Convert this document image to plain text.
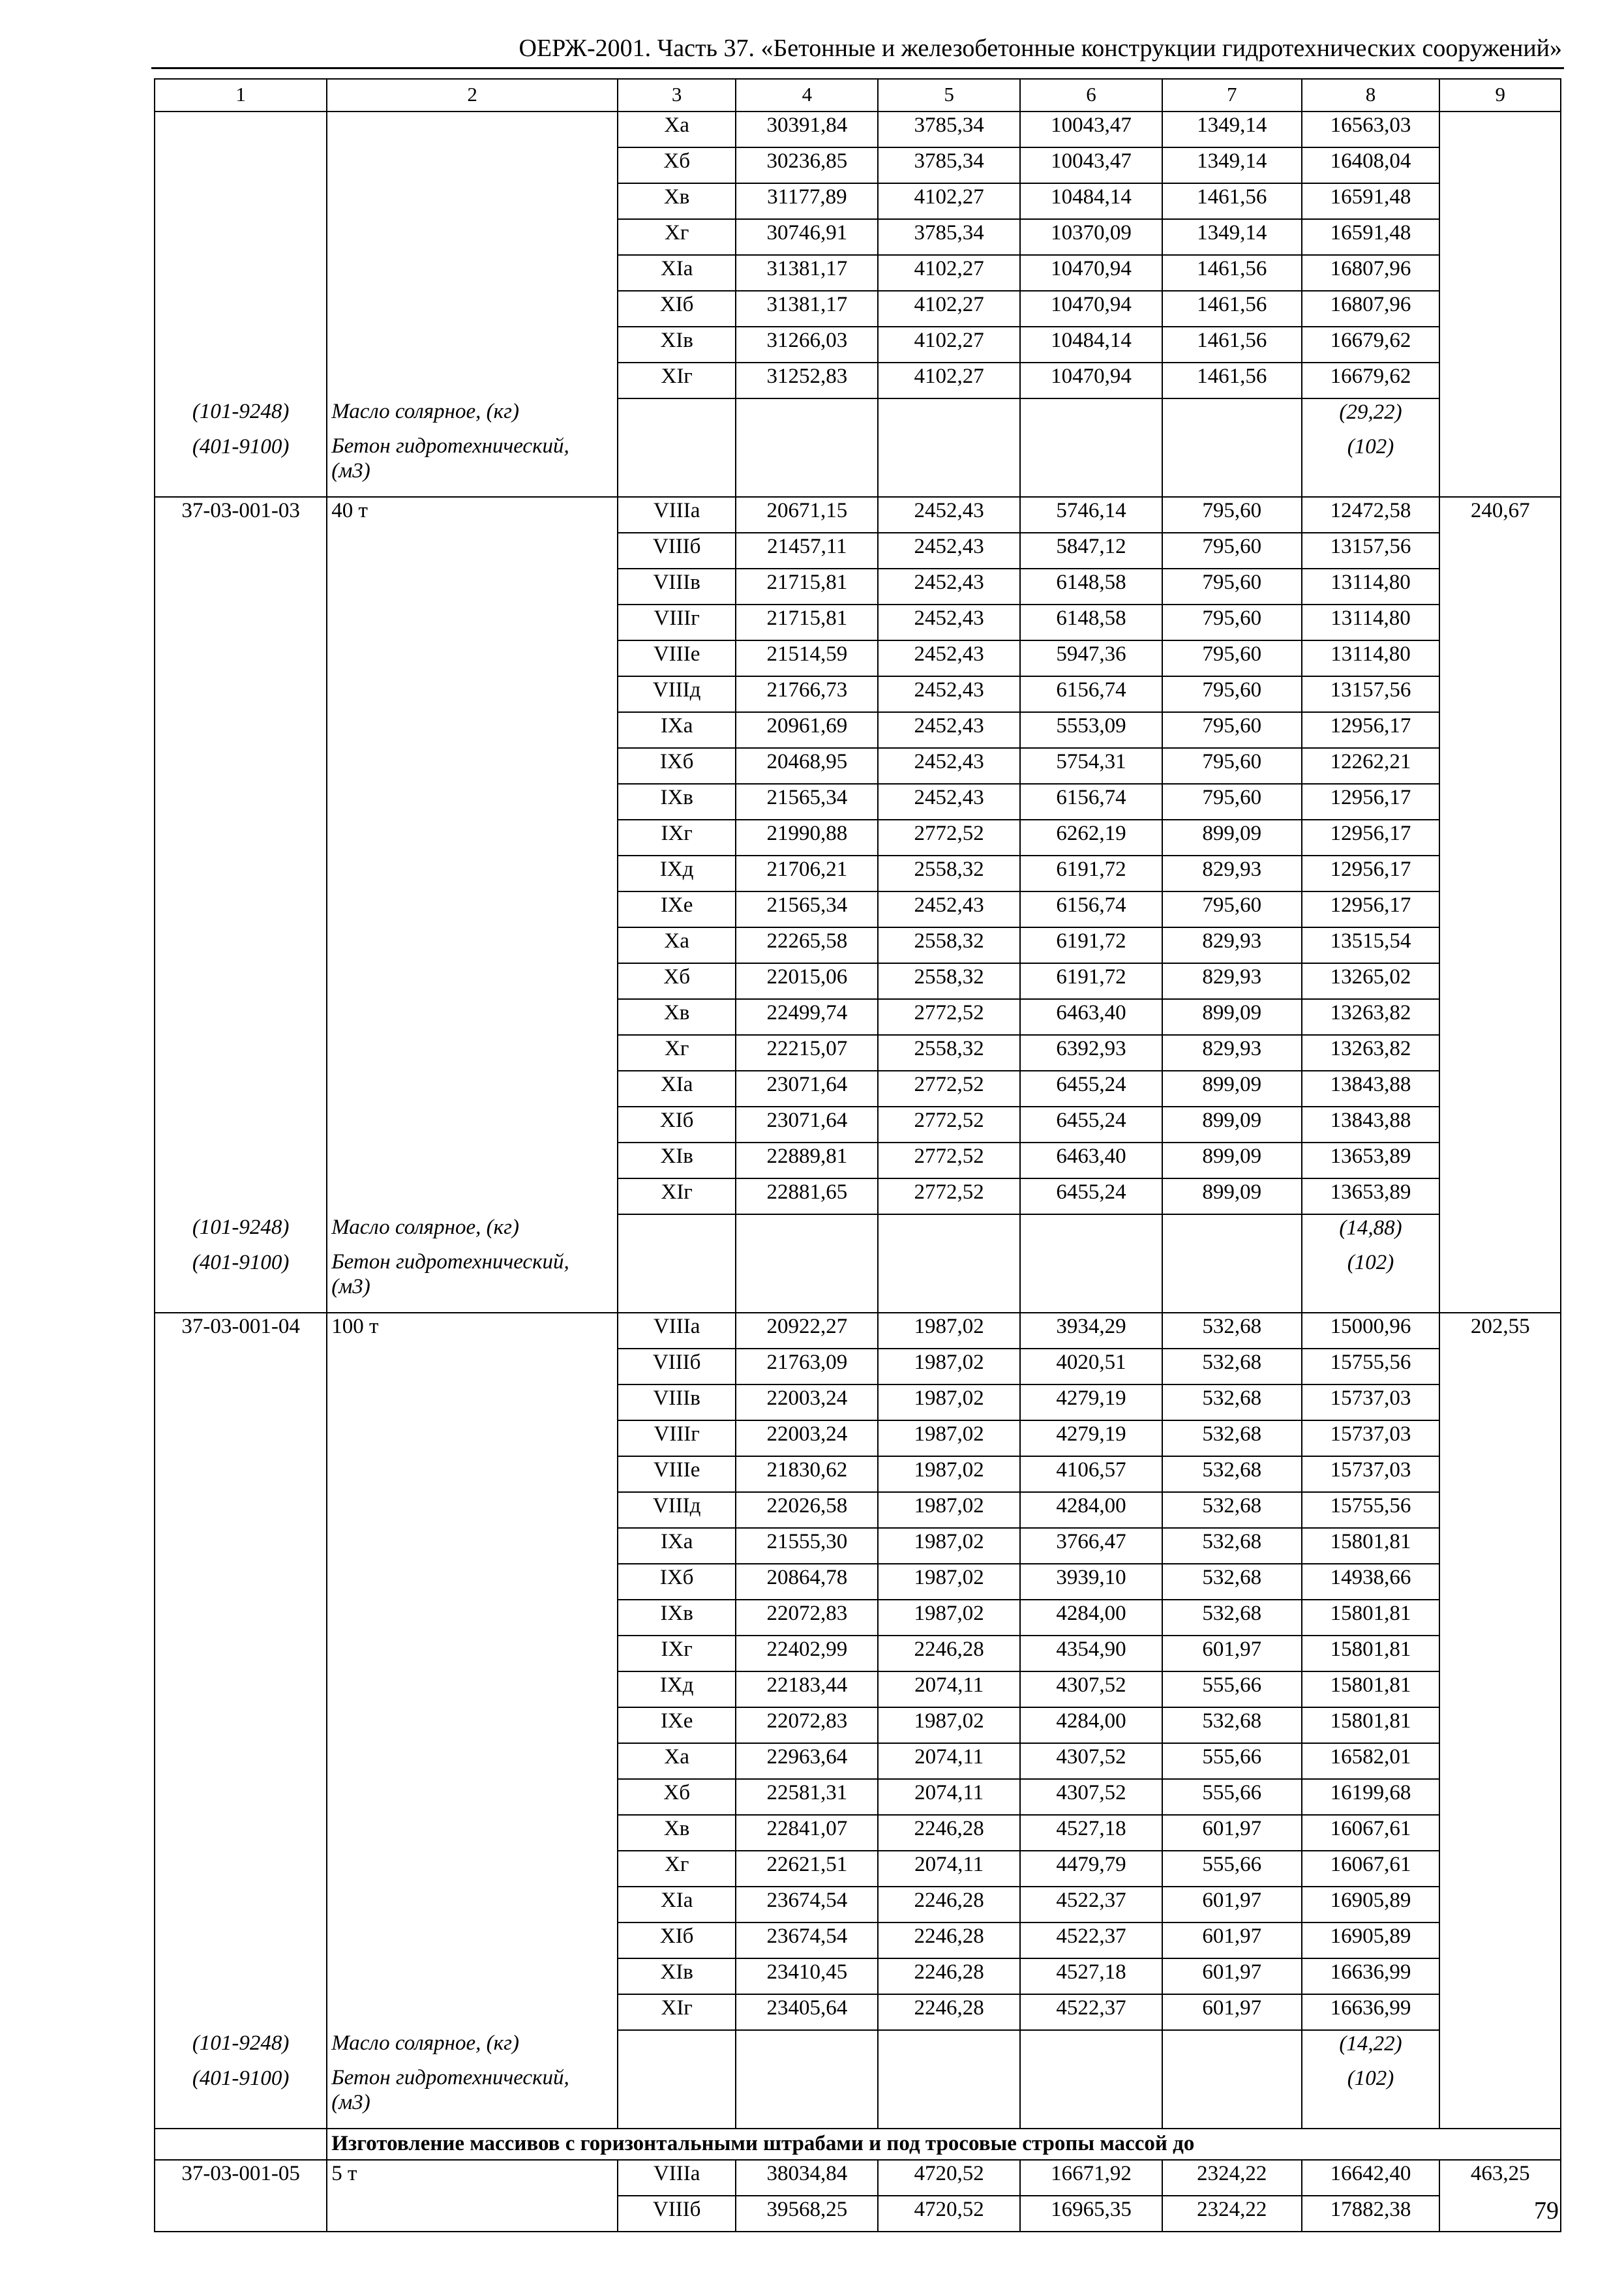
ОЕРЖ-2001. Часть 37. «Бетонные и железобетонные конструкции гидротехнических сооружений»
1	2	3	4	5	6	7	8	9
		Xа	30391,84	3785,34	10043,47	1349,14	16563,03	
		Xб	30236,85	3785,34	10043,47	1349,14	16408,04	
		Xв	31177,89	4102,27	10484,14	1461,56	16591,48	
		Xг	30746,91	3785,34	10370,09	1349,14	16591,48	
		XIа	31381,17	4102,27	10470,94	1461,56	16807,96	
		XIб	31381,17	4102,27	10470,94	1461,56	16807,96	
		XIв	31266,03	4102,27	10484,14	1461,56	16679,62	
		XIг	31252,83	4102,27	10470,94	1461,56	16679,62	
(101-9248)	Масло солярное, (кг)						(29,22)	
(401-9100)	Бетон гидротехнический, (м3)						(102)	
37-03-001-03	40 т	VIIIа	20671,15	2452,43	5746,14	795,60	12472,58	240,67
		VIIIб	21457,11	2452,43	5847,12	795,60	13157,56	
		VIIIв	21715,81	2452,43	6148,58	795,60	13114,80	
		VIIIг	21715,81	2452,43	6148,58	795,60	13114,80	
		VIIIе	21514,59	2452,43	5947,36	795,60	13114,80	
		VIIIд	21766,73	2452,43	6156,74	795,60	13157,56	
		IXа	20961,69	2452,43	5553,09	795,60	12956,17	
		IXб	20468,95	2452,43	5754,31	795,60	12262,21	
		IXв	21565,34	2452,43	6156,74	795,60	12956,17	
		IXг	21990,88	2772,52	6262,19	899,09	12956,17	
		IXд	21706,21	2558,32	6191,72	829,93	12956,17	
		IXе	21565,34	2452,43	6156,74	795,60	12956,17	
		Xа	22265,58	2558,32	6191,72	829,93	13515,54	
		Xб	22015,06	2558,32	6191,72	829,93	13265,02	
		Xв	22499,74	2772,52	6463,40	899,09	13263,82	
		Xг	22215,07	2558,32	6392,93	829,93	13263,82	
		XIа	23071,64	2772,52	6455,24	899,09	13843,88	
		XIб	23071,64	2772,52	6455,24	899,09	13843,88	
		XIв	22889,81	2772,52	6463,40	899,09	13653,89	
		XIг	22881,65	2772,52	6455,24	899,09	13653,89	
(101-9248)	Масло солярное, (кг)						(14,88)	
(401-9100)	Бетон гидротехнический, (м3)						(102)	
37-03-001-04	100 т	VIIIа	20922,27	1987,02	3934,29	532,68	15000,96	202,55
		VIIIб	21763,09	1987,02	4020,51	532,68	15755,56	
		VIIIв	22003,24	1987,02	4279,19	532,68	15737,03	
		VIIIг	22003,24	1987,02	4279,19	532,68	15737,03	
		VIIIе	21830,62	1987,02	4106,57	532,68	15737,03	
		VIIIд	22026,58	1987,02	4284,00	532,68	15755,56	
		IXа	21555,30	1987,02	3766,47	532,68	15801,81	
		IXб	20864,78	1987,02	3939,10	532,68	14938,66	
		IXв	22072,83	1987,02	4284,00	532,68	15801,81	
		IXг	22402,99	2246,28	4354,90	601,97	15801,81	
		IXд	22183,44	2074,11	4307,52	555,66	15801,81	
		IXе	22072,83	1987,02	4284,00	532,68	15801,81	
		Xа	22963,64	2074,11	4307,52	555,66	16582,01	
		Xб	22581,31	2074,11	4307,52	555,66	16199,68	
		Xв	22841,07	2246,28	4527,18	601,97	16067,61	
		Xг	22621,51	2074,11	4479,79	555,66	16067,61	
		XIа	23674,54	2246,28	4522,37	601,97	16905,89	
		XIб	23674,54	2246,28	4522,37	601,97	16905,89	
		XIв	23410,45	2246,28	4527,18	601,97	16636,99	
		XIг	23405,64	2246,28	4522,37	601,97	16636,99	
(101-9248)	Масло солярное, (кг)						(14,22)	
(401-9100)	Бетон гидротехнический, (м3)						(102)	
	Изготовление массивов с горизонтальными штрабами и под тросовые стропы массой до							
37-03-001-05	5 т	VIIIа	38034,84	4720,52	16671,92	2324,22	16642,40	463,25
		VIIIб	39568,25	4720,52	16965,35	2324,22	17882,38		79
